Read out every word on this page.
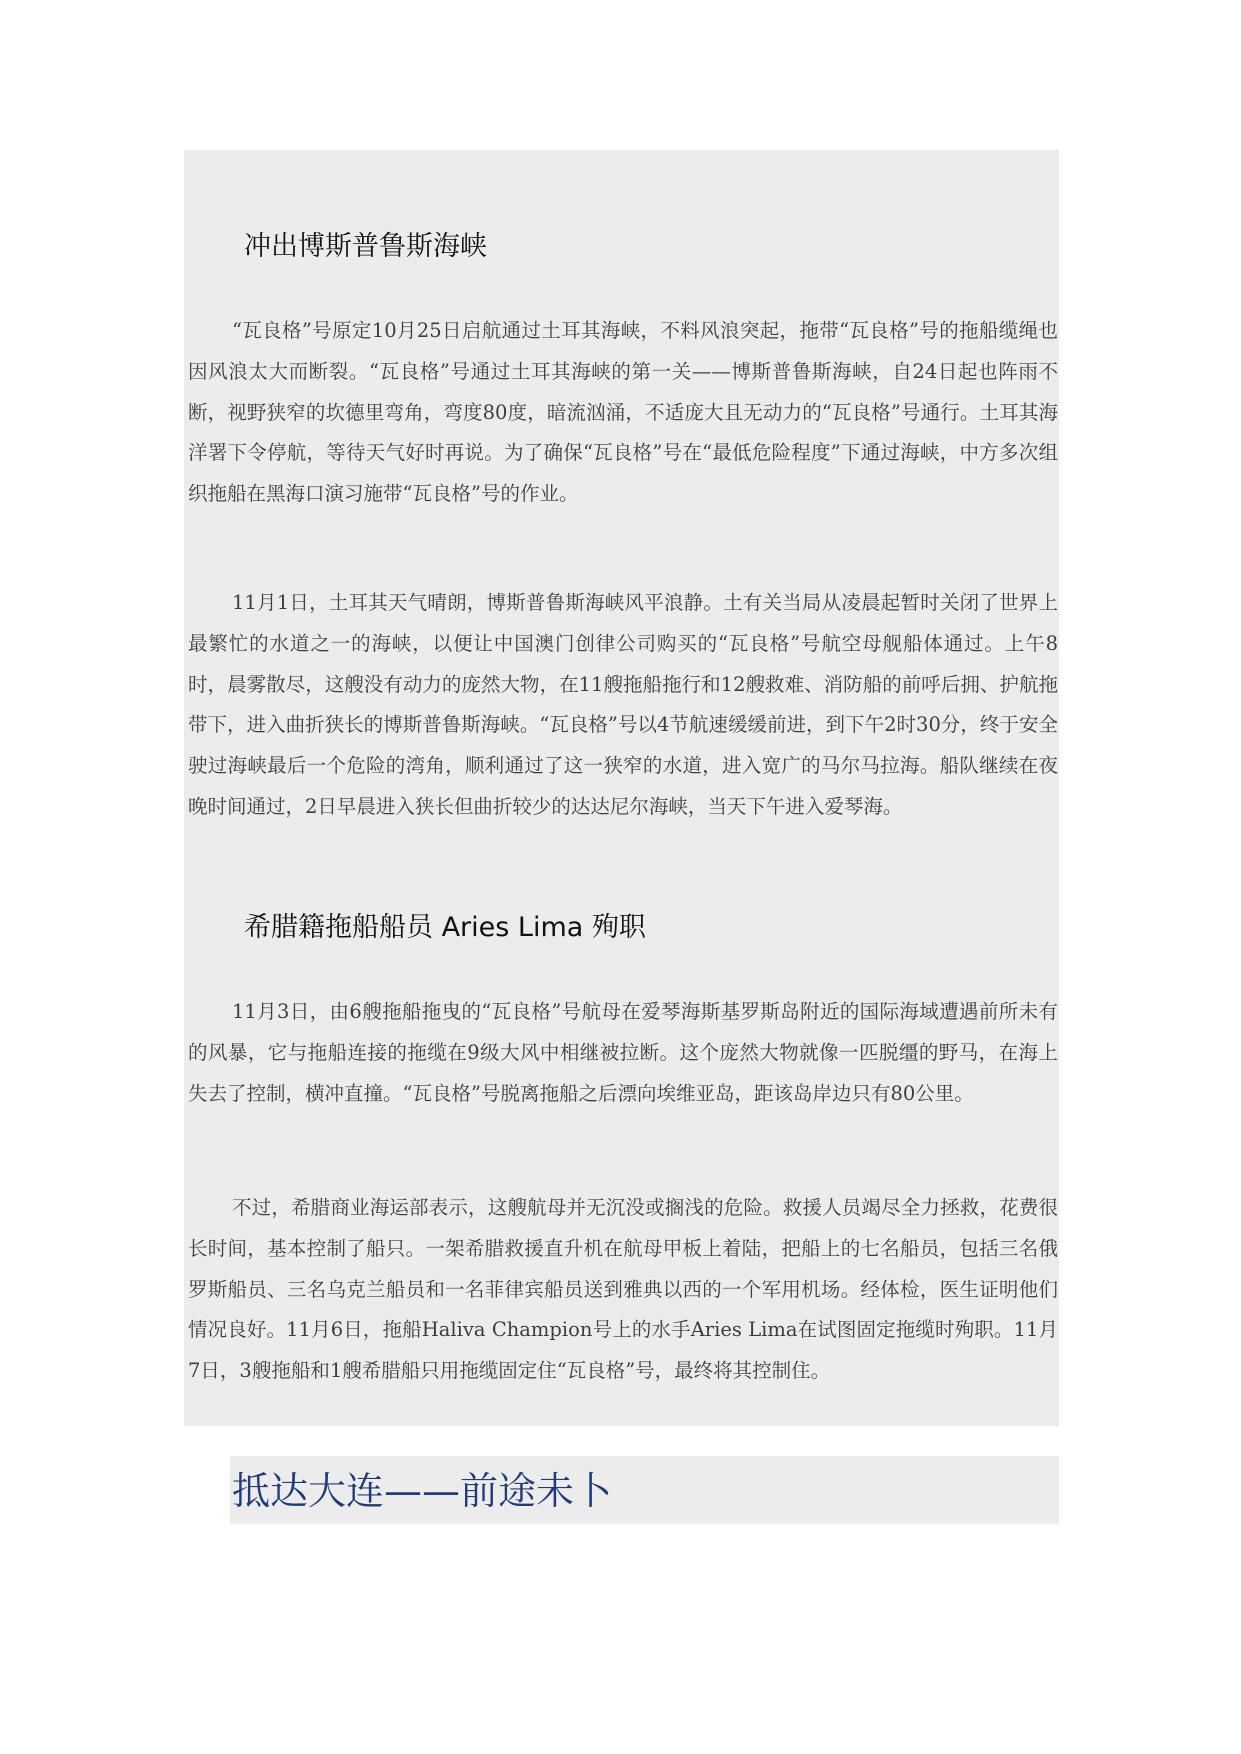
冲出博斯普鲁斯海峡

“瓦良格”号原定10月25日启航通过土耳其海峡，不料风浪突起，拖带“瓦良格”号的拖船缆绳也因风浪太大而断裂。“瓦良格”号通过土耳其海峡的第一关——博斯普鲁斯海峡，自24日起也阵雨不断，视野狭窄的坎德里弯角，弯度80度，暗流汹涌，不适庞大且无动力的“瓦良格”号通行。土耳其海洋署下令停航，等待天气好时再说。为了确保“瓦良格”号在“最低危险程度”下通过海峡，中方多次组织拖船在黑海口演习施带“瓦良格”号的作业。

11月1日，土耳其天气晴朗，博斯普鲁斯海峡风平浪静。土有关当局从凌晨起暂时关闭了世界上最繁忙的水道之一的海峡，以便让中国澳门创律公司购买的“瓦良格”号航空母舰船体通过。上午8时，晨雾散尽，这艘没有动力的庞然大物，在11艘拖船拖行和12艘救难、消防船的前呼后拥、护航拖带下，进入曲折狭长的博斯普鲁斯海峡。“瓦良格”号以4节航速缓缓前进，到下午2时30分，终于安全驶过海峡最后一个危险的湾角，顺利通过了这一狭窄的水道，进入宽广的马尔马拉海。船队继续在夜晚时间通过，2日早晨进入狭长但曲折较少的达达尼尔海峡，当天下午进入爱琴海。

希腊籍拖船船员 Aries Lima 殉职

11月3日，由6艘拖船拖曳的“瓦良格”号航母在爱琴海斯基罗斯岛附近的国际海域遭遇前所未有的风暴，它与拖船连接的拖缆在9级大风中相继被拉断。这个庞然大物就像一匹脱缰的野马，在海上失去了控制，横冲直撞。“瓦良格”号脱离拖船之后漂向埃维亚岛，距该岛岸边只有80公里。

不过，希腊商业海运部表示，这艘航母并无沉没或搁浅的危险。救援人员竭尽全力拯救，花费很长时间，基本控制了船只。一架希腊救援直升机在航母甲板上着陆，把船上的七名船员，包括三名俄罗斯船员、三名乌克兰船员和一名菲律宾船员送到雅典以西的一个军用机场。经体检，医生证明他们情况良好。11月6日，拖船Haliva Champion号上的水手Aries Lima在试图固定拖缆时殉职。11月7日，3艘拖船和1艘希腊船只用拖缆固定住“瓦良格”号，最终将其控制住。

抵达大连——前途未卜
